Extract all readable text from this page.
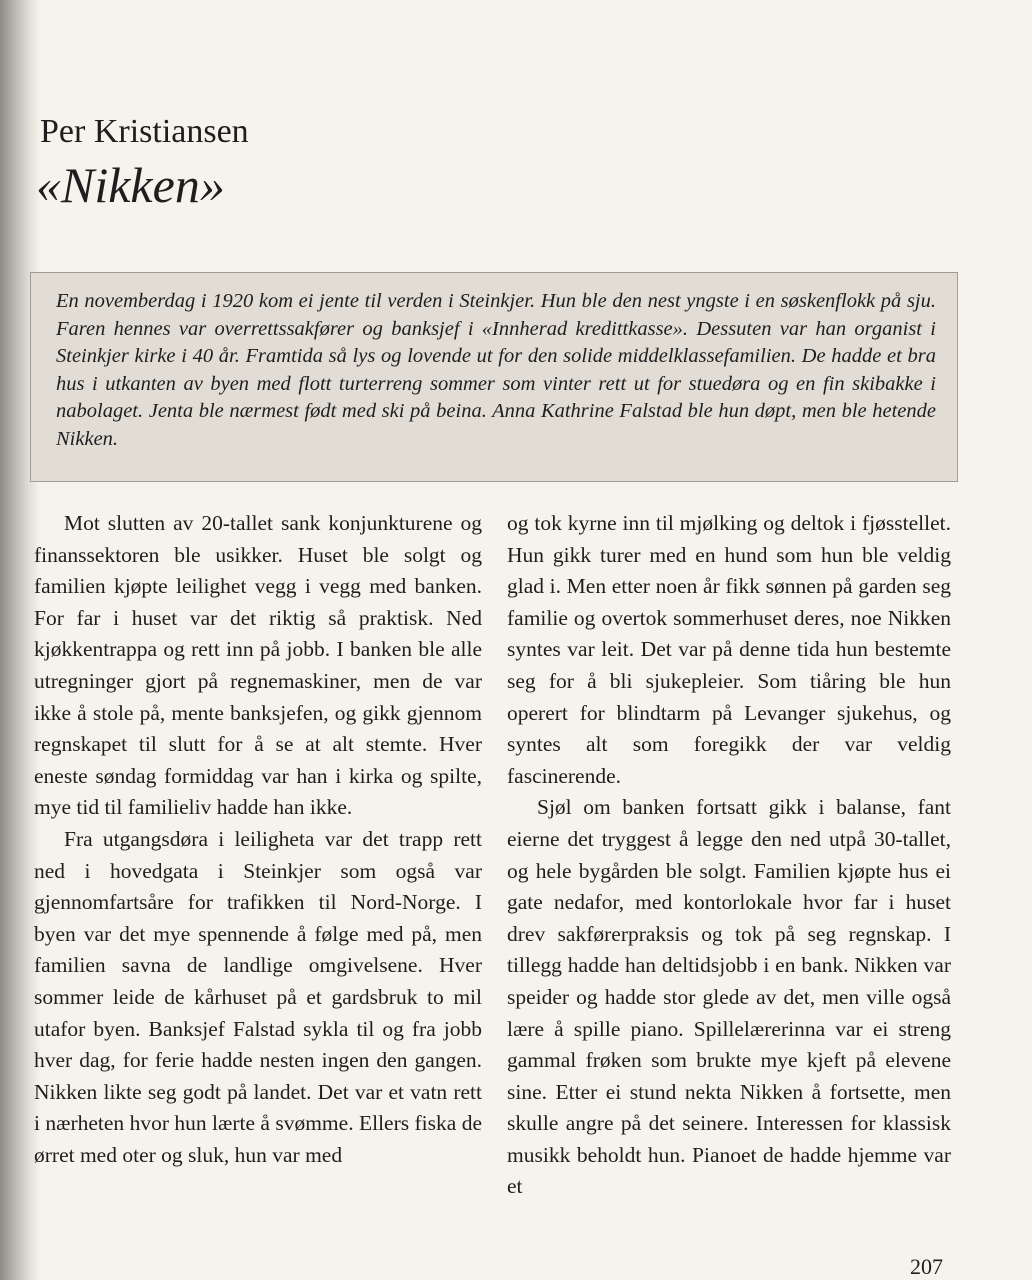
Per Kristiansen
«Nikken»

En novemberdag i 1920 kom ei jente til verden i Steinkjer. Hun ble den nest yngste i en søskenflokk på sju. Faren hennes var overrettssakfører og banksjef i «Innherad kredittkasse». Dessuten var han organist i Steinkjer kirke i 40 år. Framtida så lys og lovende ut for den solide middelklassefamilien. De hadde et bra hus i utkanten av byen med flott turterreng sommer som vinter rett ut for stuedøra og en fin skibakke i nabolaget. Jenta ble nærmest født med ski på beina. Anna Kathrine Falstad ble hun døpt, men ble hetende Nikken.

Mot slutten av 20-tallet sank konjunkturene og finanssektoren ble usikker. Huset ble solgt og familien kjøpte leilighet vegg i vegg med banken. For far i huset var det riktig så praktisk. Ned kjøkkentrappa og rett inn på jobb. I banken ble alle utregninger gjort på regnemaskiner, men de var ikke å stole på, mente banksjefen, og gikk gjennom regnskapet til slutt for å se at alt stemte. Hver eneste søndag formiddag var han i kirka og spilte, mye tid til familieliv hadde han ikke.

Fra utgangsdøra i leiligheta var det trapp rett ned i hovedgata i Steinkjer som også var gjennomfartsåre for trafikken til Nord-Norge. I byen var det mye spennende å følge med på, men familien savna de landlige omgivelsene. Hver sommer leide de kårhuset på et gardsbruk to mil utafor byen. Banksjef Falstad sykla til og fra jobb hver dag, for ferie hadde nesten ingen den gangen. Nikken likte seg godt på landet. Det var et vatn rett i nærheten hvor hun lærte å svømme. Ellers fiska de ørret med oter og sluk, hun var med

og tok kyrne inn til mjølking og deltok i fjøsstellet. Hun gikk turer med en hund som hun ble veldig glad i. Men etter noen år fikk sønnen på garden seg familie og overtok sommerhuset deres, noe Nikken syntes var leit. Det var på denne tida hun bestemte seg for å bli sjukepleier. Som tiåring ble hun operert for blindtarm på Levanger sjukehus, og syntes alt som foregikk der var veldig fascinerende.

Sjøl om banken fortsatt gikk i balanse, fant eierne det tryggest å legge den ned utpå 30-tallet, og hele bygården ble solgt. Familien kjøpte hus ei gate nedafor, med kontorlokale hvor far i huset drev sakførerpraksis og tok på seg regnskap. I tillegg hadde han deltidsjobb i en bank. Nikken var speider og hadde stor glede av det, men ville også lære å spille piano. Spillelærerinna var ei streng gammal frøken som brukte mye kjeft på elevene sine. Etter ei stund nekta Nikken å fortsette, men skulle angre på det seinere. Interessen for klassisk musikk beholdt hun. Pianoet de hadde hjemme var et

207
